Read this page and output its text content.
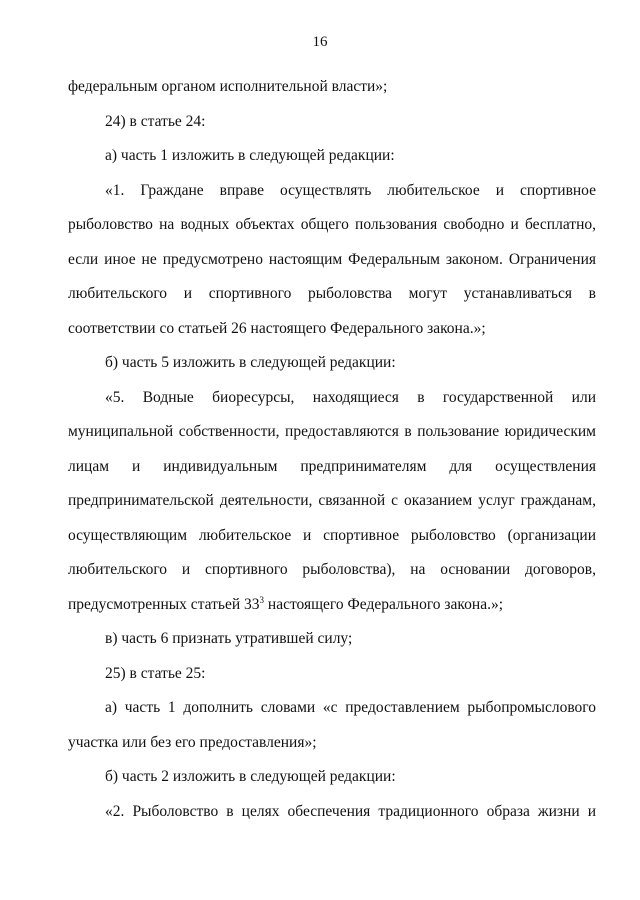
16
федеральным органом исполнительной власти»;
24) в статье 24:
а) часть 1 изложить в следующей редакции:
«1. Граждане вправе осуществлять любительское и спортивное
рыболовство на водных объектах общего пользования свободно и бесплатно,
если иное не предусмотрено настоящим Федеральным законом. Ограничения
любительского и спортивного рыболовства могут устанавливаться в
соответствии со статьей 26 настоящего Федерального закона.»;
б) часть 5 изложить в следующей редакции:
«5. Водные биоресурсы, находящиеся в государственной или
муниципальной собственности, предоставляются в пользование юридическим
лицам и индивидуальным предпринимателям для осуществления
предпринимательской деятельности, связанной с оказанием услуг гражданам,
осуществляющим любительское и спортивное рыболовство (организации
любительского и спортивного рыболовства), на основании договоров,
предусмотренных статьей $33^3$ настоящего Федерального закона.»;
в) часть 6 признать утратившей силу;
25) в статье 25:
а) часть 1 дополнить словами «с предоставлением рыбопромыслового
участка или без его предоставления»;
б) часть 2 изложить в следующей редакции:
«2. Рыболовство в целях обеспечения традиционного образа жизни и
